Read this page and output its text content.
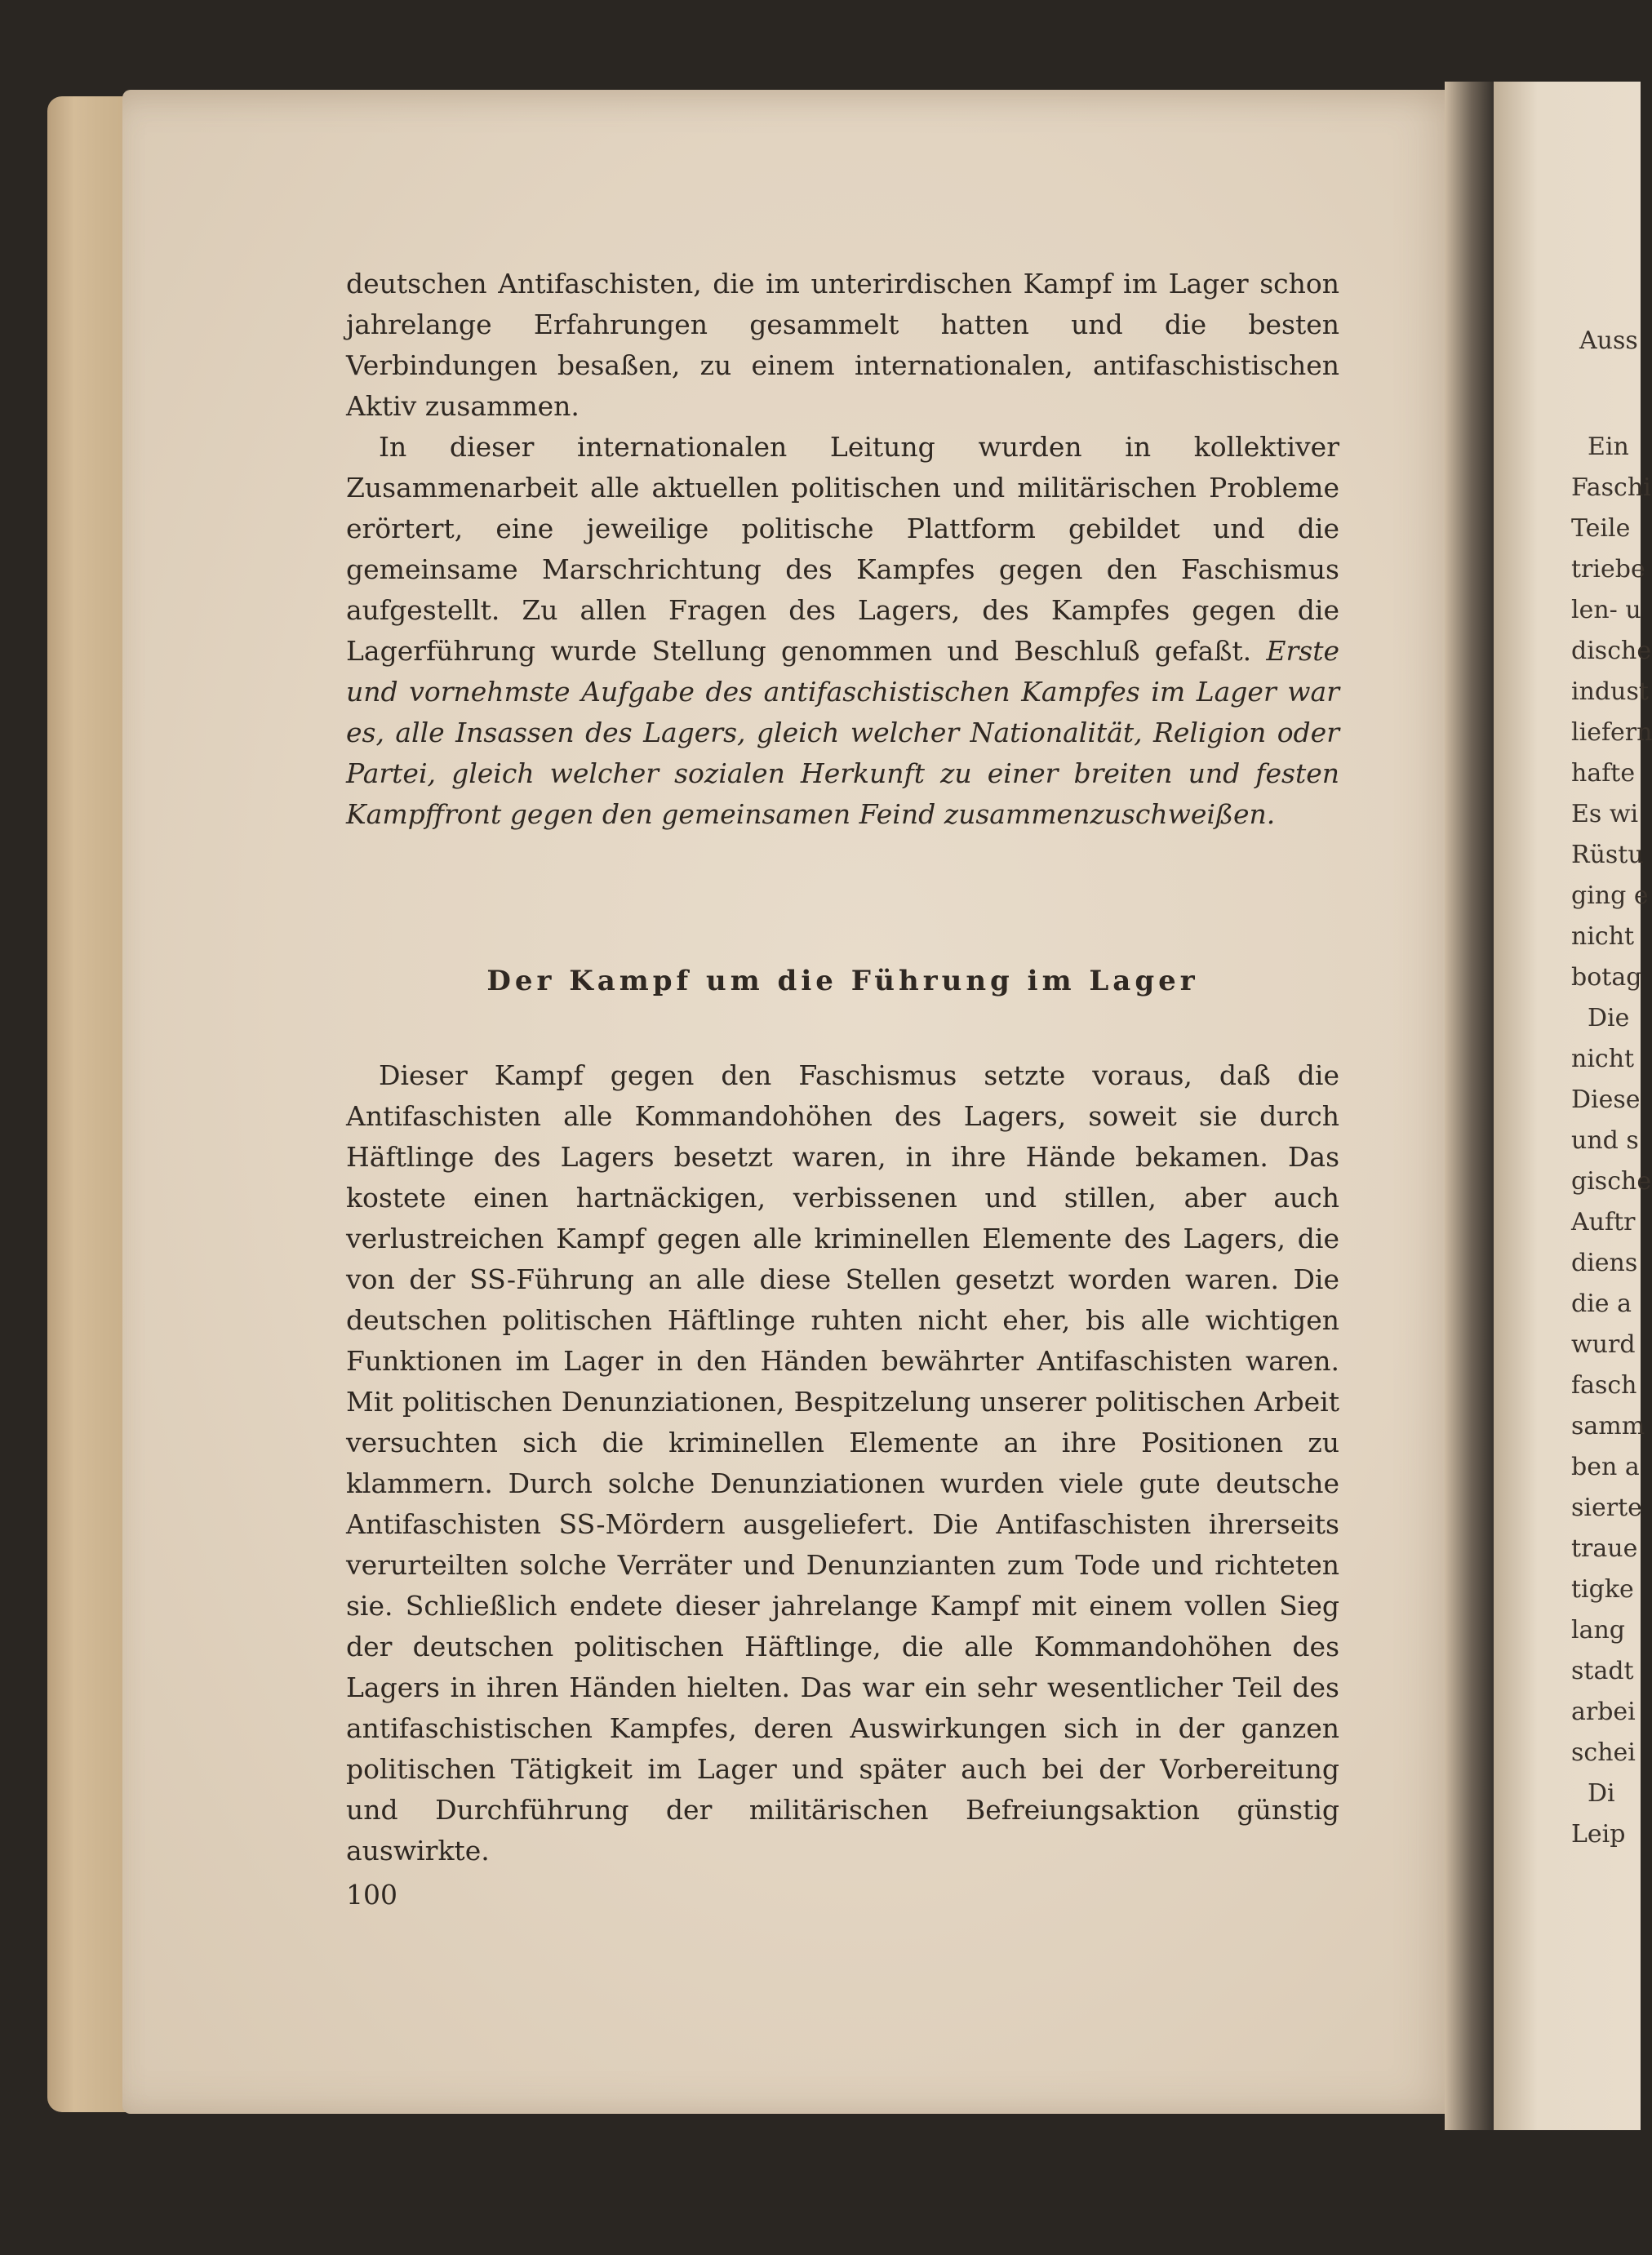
Auss

Ein

Faschi

Teile

triebe

len- u

dische

indust

liefern

hafte

Es wi

Rüstu

ging e

nicht

botag

Die

nicht

Diese

und s

gische

Auftr

diens

die a

wurd

fasch

samm

ben a

sierte

traue

tigke

lang

stadt

arbei

schei

Di

Leip

deutschen Antifaschisten, die im unterirdischen Kampf im Lager schon jahrelange Erfahrungen gesammelt hatten und die besten Verbindungen besaßen, zu einem internationalen, antifaschistischen Aktiv zusammen.

In dieser internationalen Leitung wurden in kollektiver Zusammenarbeit alle aktuellen politischen und militärischen Probleme erörtert, eine jeweilige politische Plattform gebildet und die gemeinsame Marschrichtung des Kampfes gegen den Faschismus aufgestellt. Zu allen Fragen des Lagers, des Kampfes gegen die Lagerführung wurde Stellung genommen und Beschluß gefaßt. Erste und vornehmste Aufgabe des antifaschistischen Kampfes im Lager war es, alle Insassen des Lagers, gleich welcher Nationalität, Religion oder Partei, gleich welcher sozialen Herkunft zu einer breiten und festen Kampffront gegen den gemeinsamen Feind zusammenzuschweißen.

Der Kampf um die Führung im Lager

Dieser Kampf gegen den Faschismus setzte voraus, daß die Antifaschisten alle Kommandohöhen des Lagers, soweit sie durch Häftlinge des Lagers besetzt waren, in ihre Hände bekamen. Das kostete einen hartnäckigen, verbissenen und stillen, aber auch verlustreichen Kampf gegen alle kriminellen Elemente des Lagers, die von der SS-Führung an alle diese Stellen gesetzt worden waren. Die deutschen politischen Häftlinge ruhten nicht eher, bis alle wichtigen Funktionen im Lager in den Händen bewährter Antifaschisten waren. Mit politischen Denunziationen, Bespitzelung unserer politischen Arbeit versuchten sich die kriminellen Elemente an ihre Positionen zu klammern. Durch solche Denunziationen wurden viele gute deutsche Antifaschisten SS-Mördern ausgeliefert. Die Antifaschisten ihrerseits verurteilten solche Verräter und Denunzianten zum Tode und richteten sie. Schließlich endete dieser jahrelange Kampf mit einem vollen Sieg der deutschen politischen Häftlinge, die alle Kommandohöhen des Lagers in ihren Händen hielten. Das war ein sehr wesentlicher Teil des antifaschistischen Kampfes, deren Auswirkungen sich in der ganzen politischen Tätigkeit im Lager und später auch bei der Vorbereitung und Durchführung der militärischen Befreiungsaktion günstig auswirkte.

100
